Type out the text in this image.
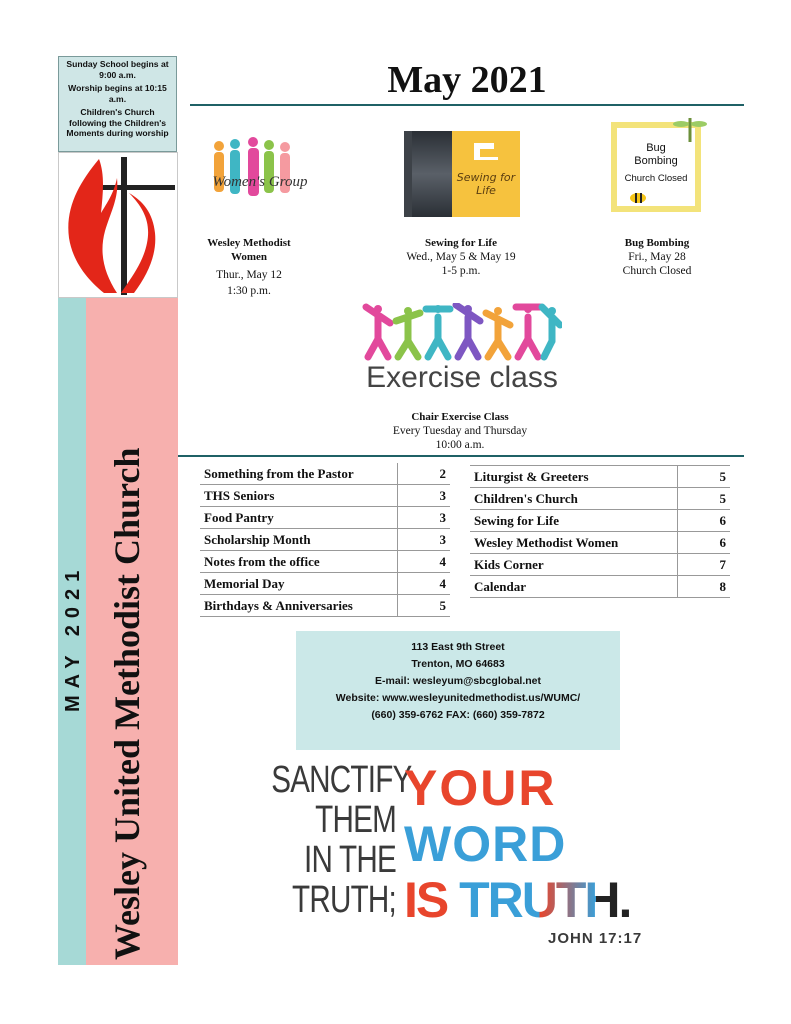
Sunday School begins at 9:00 a.m.
Worship begins at 10:15 a.m.
Children's Church following the Children's Moments during worship
MAY 2021 Wesley United Methodist Church
May 2021
Women's Group	Sewing for Life
Bug
Bombing
Church Closed
Wesley Methodist Women
Thur., May 12
1:30 p.m.
Sewing for Life
Wed., May 5 & May 19
1-5 p.m.
Bug Bombing
Fri., May 28
Church Closed
Exercise class
Chair Exercise Class
Every Tuesday and Thursday
10:00 a.m.
Something from the Pastor	2
THS Seniors	3
Food Pantry	3
Scholarship Month	3
Notes from the office	4
Memorial Day	4
Birthdays & Anniversaries	5
Liturgist & Greeters	5
Children's Church	5
Sewing for Life	6
Wesley Methodist Women	6
Kids Corner	7
Calendar	8
113 East 9th Street
Trenton, MO 64683
E-mail: wesleyum@sbcglobal.net
Website: www.wesleyunitedmethodist.us/WUMC/
(660) 359-6762 FAX: (660) 359-7872
SANCTIFY
THEM
IN THE
TRUTH;
YOUR
WORD
IS TRUTH.
JOHN 17:17
